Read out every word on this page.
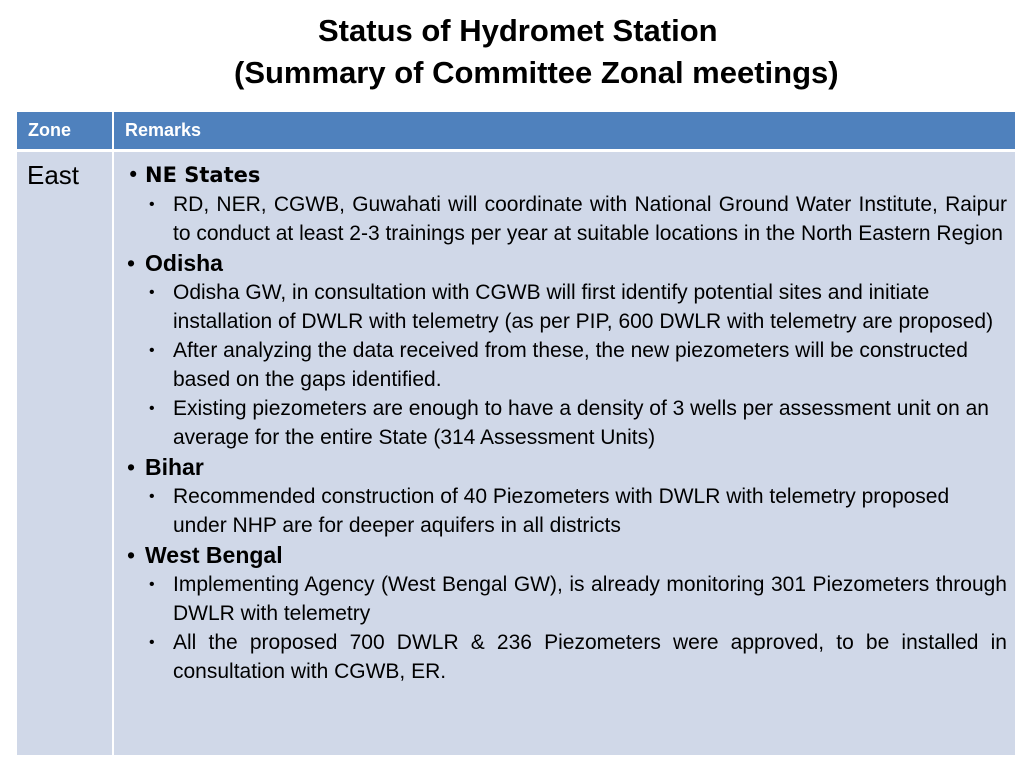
Status of Hydromet Station
(Summary of Committee Zonal meetings)
Zone	Remarks
East
•	NE States
• RD, NER, CGWB, Guwahati will coordinate with National Ground Water Institute, Raipur to conduct at least 2-3 trainings per year at suitable locations in the North Eastern Region
• Odisha
• Odisha GW, in consultation with CGWB will first identify potential sites and initiate installation of DWLR with telemetry (as per PIP, 600 DWLR with telemetry are proposed)
• After analyzing the data received from these, the new piezometers will be constructed based on the gaps identified.
• Existing piezometers are enough to have a density of 3 wells per assessment unit on an average for the entire State (314 Assessment Units)
• Bihar
• Recommended construction of 40 Piezometers with DWLR with telemetry proposed under NHP are for deeper aquifers in all districts
• West Bengal
• Implementing Agency (West Bengal GW), is already monitoring 301 Piezometers through DWLR with telemetry
• All the proposed 700 DWLR & 236 Piezometers were approved, to be installed in consultation with CGWB, ER.
